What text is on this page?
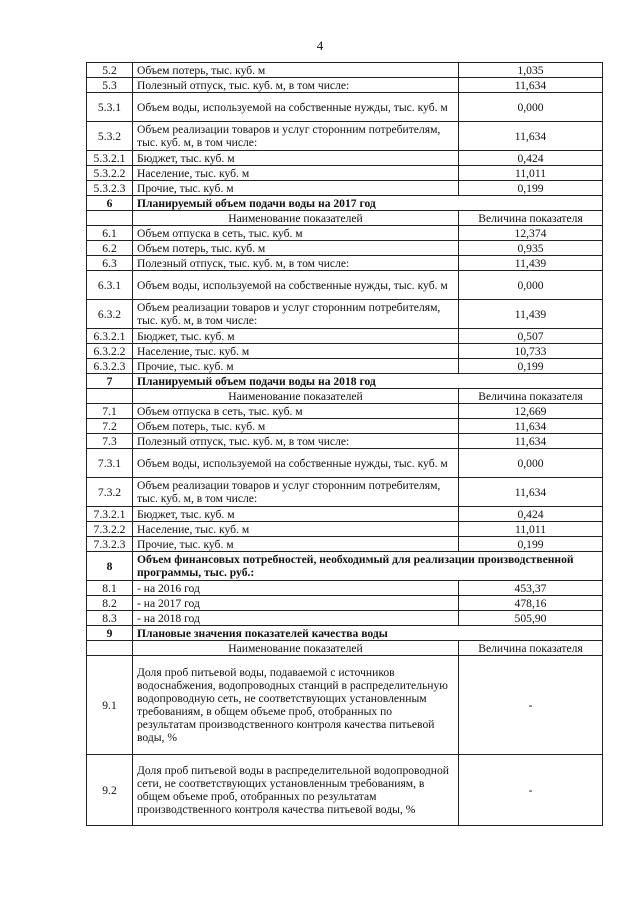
4
5.2	Объем потерь, тыс. куб. м	1,035
5.3	Полезный отпуск, тыс. куб. м, в том числе:	11,634
5.3.1	Объем воды, используемой на собственные нужды, тыс. куб. м	0,000
5.3.2	Объем реализации товаров и услуг сторонним потребителям, тыс. куб. м, в том числе:	11,634
5.3.2.1	Бюджет, тыс. куб. м	0,424
5.3.2.2	Население, тыс. куб. м	11,011
5.3.2.3	Прочие, тыс. куб. м	0,199
6	Планируемый объем подачи воды на 2017 год	
	Наименование показателей	Величина показателя
6.1	Объем отпуска в сеть, тыс. куб. м	12,374
6.2	Объем потерь, тыс. куб. м	0,935
6.3	Полезный отпуск, тыс. куб. м, в том числе:	11,439
6.3.1	Объем воды, используемой на собственные нужды, тыс. куб. м	0,000
6.3.2	Объем реализации товаров и услуг сторонним потребителям, тыс. куб. м, в том числе:	11,439
6.3.2.1	Бюджет, тыс. куб. м	0,507
6.3.2.2	Население, тыс. куб. м	10,733
6.3.2.3	Прочие, тыс. куб. м	0,199
7	Планируемый объем подачи воды на 2018 год	
	Наименование показателей	Величина показателя
7.1	Объем отпуска в сеть, тыс. куб. м	12,669
7.2	Объем потерь, тыс. куб. м	11,634
7.3	Полезный отпуск, тыс. куб. м, в том числе:	11,634
7.3.1	Объем воды, используемой на собственные нужды, тыс. куб. м	0,000
7.3.2	Объем реализации товаров и услуг сторонним потребителям, тыс. куб. м, в том числе:	11,634
7.3.2.1	Бюджет, тыс. куб. м	0,424
7.3.2.2	Население, тыс. куб. м	11,011
7.3.2.3	Прочие, тыс. куб. м	0,199
8	Объем финансовых потребностей, необходимый для реализации производственной программы, тыс. руб.:	
8.1	- на 2016 год	453,37
8.2	- на 2017 год	478,16
8.3	- на 2018 год	505,90
9	Плановые значения показателей качества воды	
	Наименование показателей	Величина показателя
9.1	Доля проб питьевой воды, подаваемой с источников водоснабжения, водопроводных станций в распределительную водопроводную сеть, не соответствующих установленным требованиям, в общем объеме проб, отобранных по результатам производственного контроля качества питьевой воды, %	-
9.2	Доля проб питьевой воды в распределительной водопроводной сети, не соответствующих установленным требованиям, в общем объеме проб, отобранных по результатам производственного контроля качества питьевой воды, %	-
